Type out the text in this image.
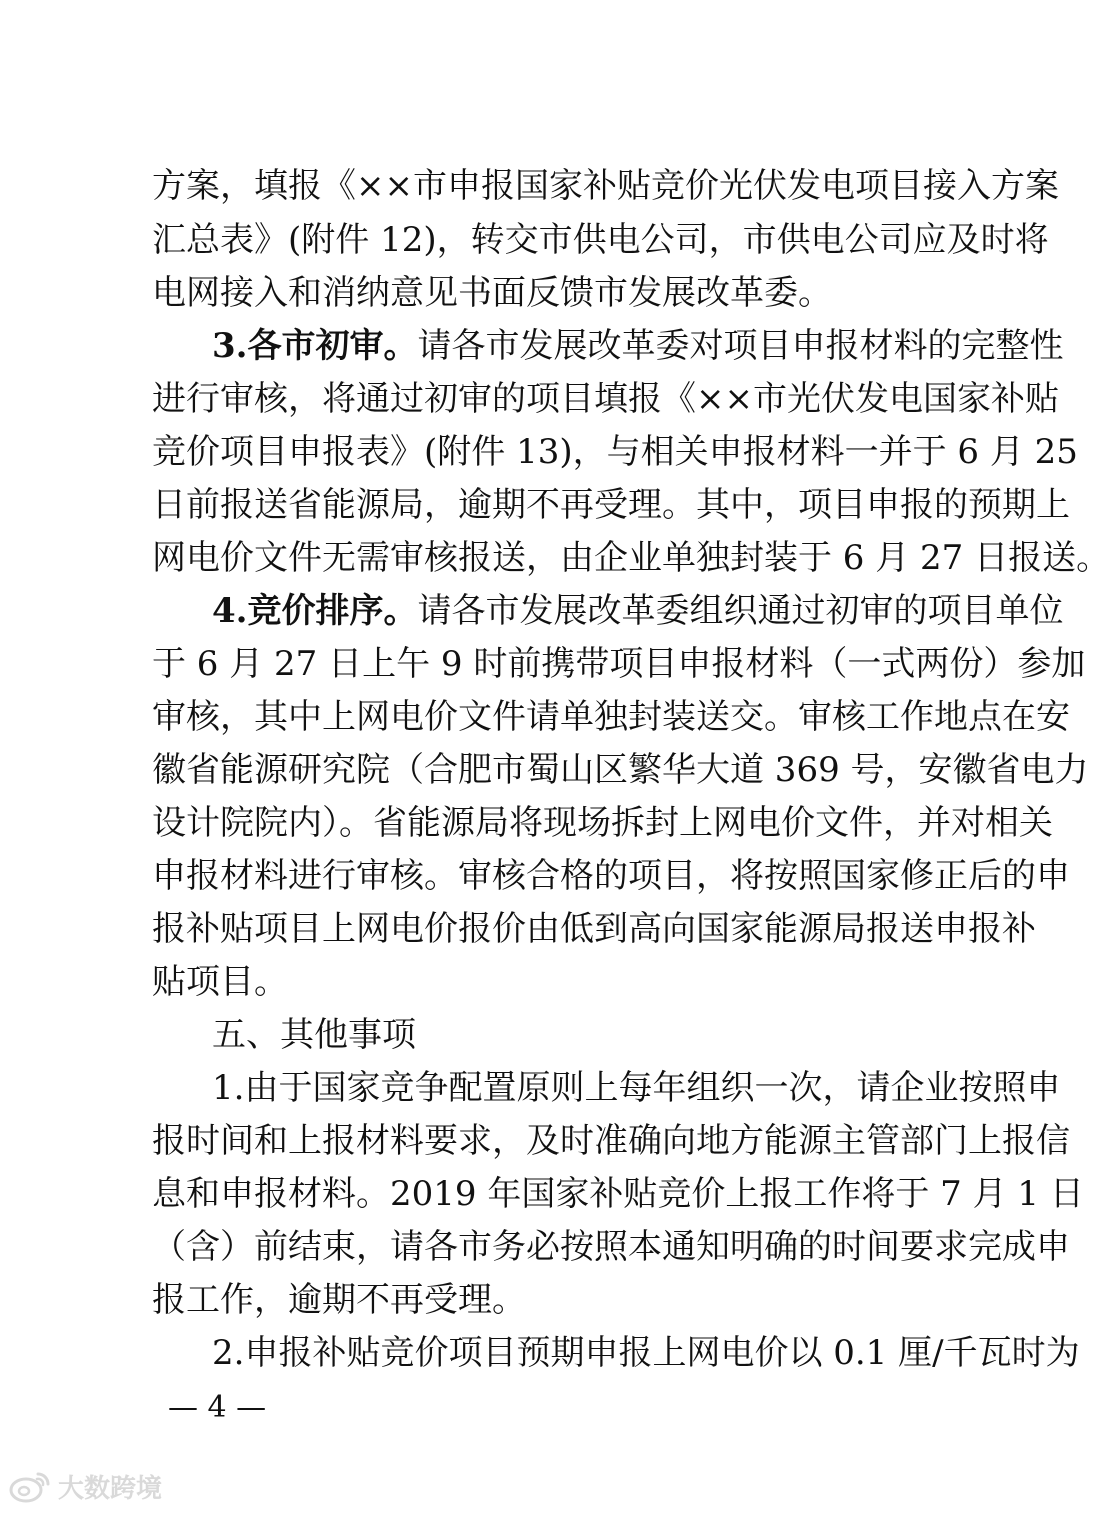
方案，填报《××市申报国家补贴竞价光伏发电项目接入方案
汇总表》(附件 12)，转交市供电公司，市供电公司应及时将
电网接入和消纳意见书面反馈市发展改革委。
3.各市初审。请各市发展改革委对项目申报材料的完整性
进行审核，将通过初审的项目填报《××市光伏发电国家补贴
竞价项目申报表》(附件 13)，与相关申报材料一并于 6 月 25
日前报送省能源局，逾期不再受理。其中，项目申报的预期上
网电价文件无需审核报送，由企业单独封装于 6 月 27 日报送。
4.竞价排序。请各市发展改革委组织通过初审的项目单位
于 6 月 27 日上午 9 时前携带项目申报材料（一式两份）参加
审核，其中上网电价文件请单独封装送交。审核工作地点在安
徽省能源研究院（合肥市蜀山区繁华大道 369 号，安徽省电力
设计院院内）。省能源局将现场拆封上网电价文件，并对相关
申报材料进行审核。审核合格的项目，将按照国家修正后的申
报补贴项目上网电价报价由低到高向国家能源局报送申报补
贴项目。
五、其他事项
1.由于国家竞争配置原则上每年组织一次，请企业按照申
报时间和上报材料要求，及时准确向地方能源主管部门上报信
息和申报材料。2019 年国家补贴竞价上报工作将于 7 月 1 日
（含）前结束，请各市务必按照本通知明确的时间要求完成申
报工作，逾期不再受理。
2.申报补贴竞价项目预期申报上网电价以 0.1 厘/千瓦时为
— 4 —
大数跨境
